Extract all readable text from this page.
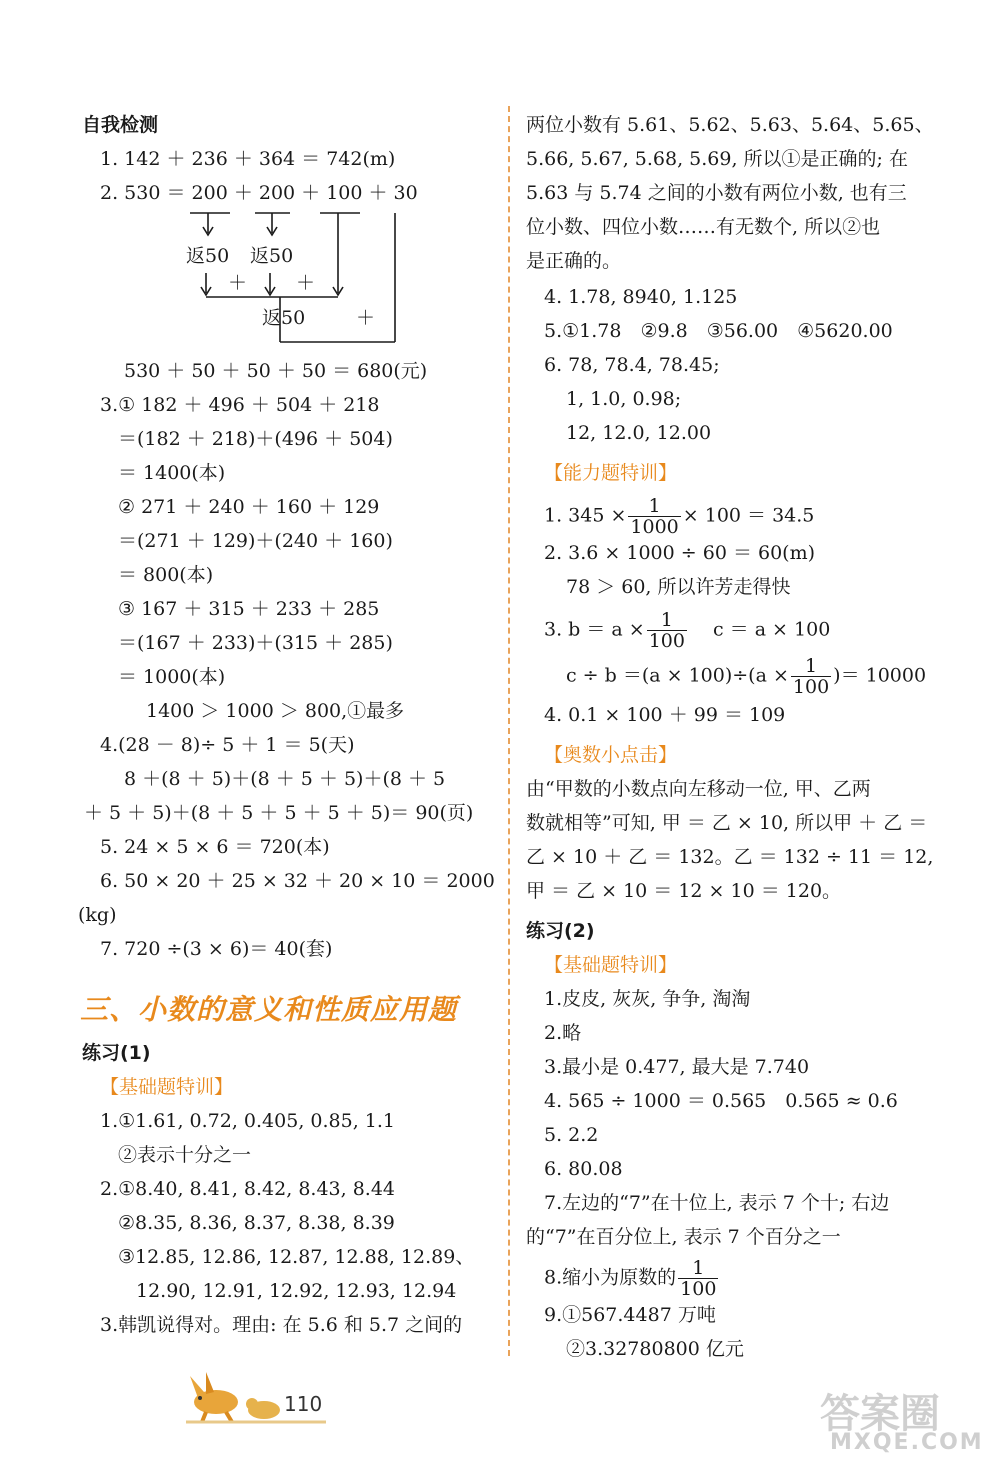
自我检测
1. 142 ＋ 236 ＋ 364 ＝ 742(m)
2. 530 ＝ 200 ＋ 200 ＋ 100 ＋ 30
返50 返50
＋	＋
返50	＋
530 ＋ 50 ＋ 50 ＋ 50 ＝ 680(元)
3.① 182 ＋ 496 ＋ 504 ＋ 218
＝(182 ＋ 218)＋(496 ＋ 504)
＝ 1400(本)
② 271 ＋ 240 ＋ 160 ＋ 129
＝(271 ＋ 129)＋(240 ＋ 160)
＝ 800(本)
③ 167 ＋ 315 ＋ 233 ＋ 285
＝(167 ＋ 233)＋(315 ＋ 285)
＝ 1000(本)
1400 ＞ 1000 ＞ 800,①最多
4.(28 － 8)÷ 5 ＋ 1 ＝ 5(天)
8 ＋(8 ＋ 5)＋(8 ＋ 5 ＋ 5)＋(8 ＋ 5
＋ 5 ＋ 5)＋(8 ＋ 5 ＋ 5 ＋ 5 ＋ 5)＝ 90(页)
5. 24 × 5 × 6 ＝ 720(本)
6. 50 × 20 ＋ 25 × 32 ＋ 20 × 10 ＝ 2000
(kg)
7. 720 ÷(3 × 6)＝ 40(套)
三、小数的意义和性质应用题
练习(1)
【基础题特训】
1.①1.61, 0.72, 0.405, 0.85, 1.1
②表示十分之一
2.①8.40, 8.41, 8.42, 8.43, 8.44
②8.35, 8.36, 8.37, 8.38, 8.39
③12.85, 12.86, 12.87, 12.88, 12.89、
12.90, 12.91, 12.92, 12.93, 12.94
3.韩凯说得对。理由: 在 5.6 和 5.7 之间的
两位小数有 5.61、5.62、5.63、5.64、5.65、
5.66, 5.67, 5.68, 5.69, 所以①是正确的; 在
5.63 与 5.74 之间的小数有两位小数, 也有三
位小数、四位小数……有无数个, 所以②也
是正确的。
4. 1.78, 8940, 1.125
5.①1.78　②9.8　③56.00　④5620.00
6. 78, 78.4, 78.45;
1, 1.0, 0.98;
12, 12.0, 12.00
【能力题特训】
1. $345 \times \frac{1}{1000} \times 100 = 34.5$
2. 3.6 × 1000 ÷ 60 ＝ 60(m)
78 ＞ 60, 所以许芳走得快
3. $b = a \times \frac{1}{100}$ c ＝ a × 100
$c \div b =(a \times 100)\div(a \times \frac{1}{100}$ )＝ 10000
4. 0.1 × 100 ＋ 99 ＝ 109
【奥数小点击】
由“甲数的小数点向左移动一位, 甲、乙两
数就相等”可知, 甲 ＝ 乙 × 10, 所以甲 ＋ 乙 ＝
乙 × 10 ＋ 乙 ＝ 132。乙 ＝ 132 ÷ 11 ＝ 12,
甲 ＝ 乙 × 10 ＝ 12 × 10 ＝ 120。
练习(2)
【基础题特训】
1.皮皮, 灰灰, 争争, 淘淘
2.略
3.最小是 0.477, 最大是 7.740
4. 565 ÷ 1000 ＝ 0.565　0.565 ≈ 0.6
5. 2.2
6. 80.08
7.左边的“7”在十位上, 表示 7 个十; 右边
的“7”在百分位上, 表示 7 个百分之一
8.缩小为原数的 $\frac{1}{100}$
9.①567.4487 万吨
②3.32780800 亿元
110	答案圈
MXQE.COM
